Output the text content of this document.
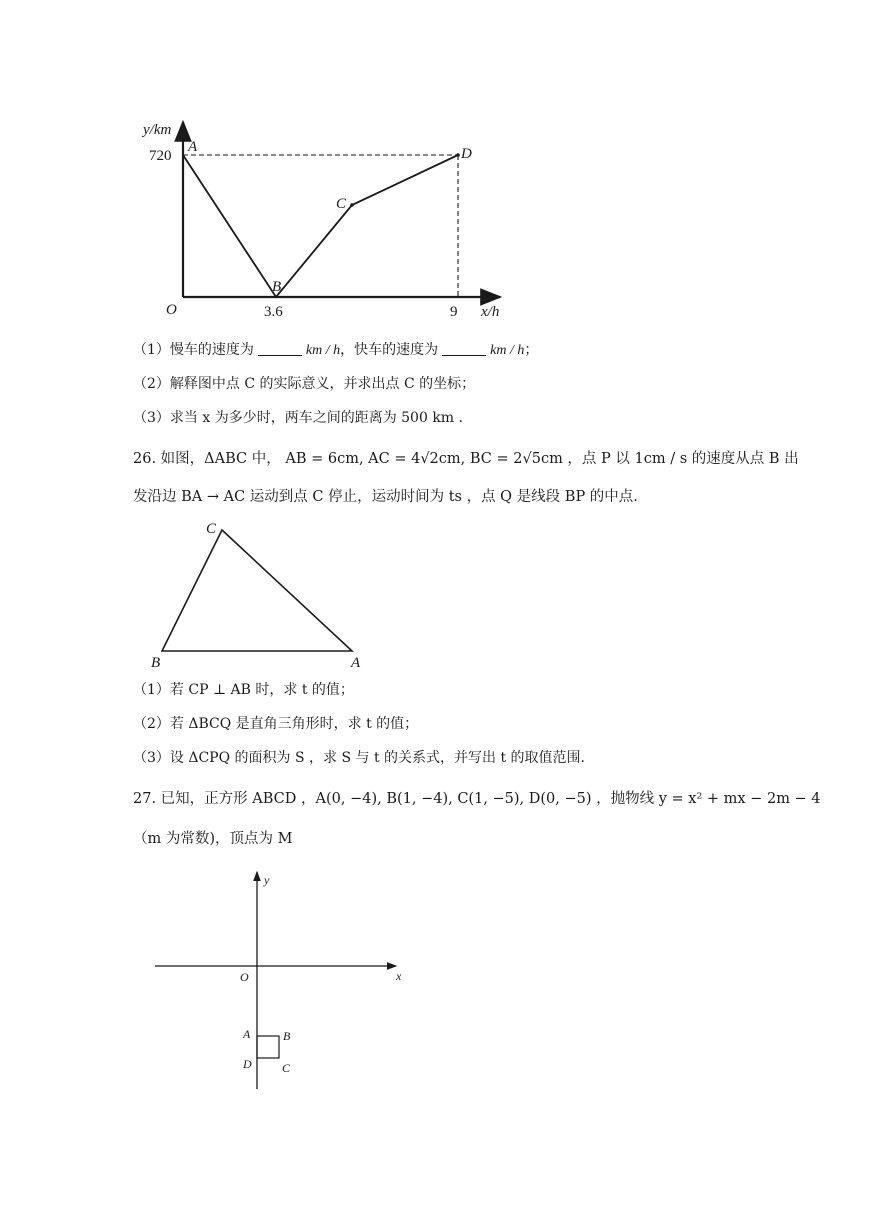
y/km
720
3.6	9 x/h
O
A
B
C
D
（1）慢车的速度为	km / h，快车的速度为	km / h；
（2）解释图中点 C 的实际意义，并求出点 C 的坐标；
（3）求当 x 为多少时，两车之间的距离为 500 km .
26. 如图，ΔABC 中， AB = 6cm, AC = 4√2cm, BC = 2√5cm ，点 P 以 1cm / s 的速度从点 B 出
发沿边 BA → AC 运动到点 C 停止，运动时间为 ts ，点 Q 是线段 BP 的中点.
C
B	A
（1）若 CP ⊥ AB 时，求 t 的值；
（2）若 ΔBCQ 是直角三角形时，求 t 的值；
（3）设 ΔCPQ 的面积为 S ，求 S 与 t 的关系式，并写出 t 的取值范围.
27. 已知，正方形 ABCD ，A(0, −4), B(1, −4), C(1, −5), D(0, −5) ，抛物线 y = x² + mx − 2m − 4
（m 为常数)，顶点为 M
y
x
O
A	B
D	C
